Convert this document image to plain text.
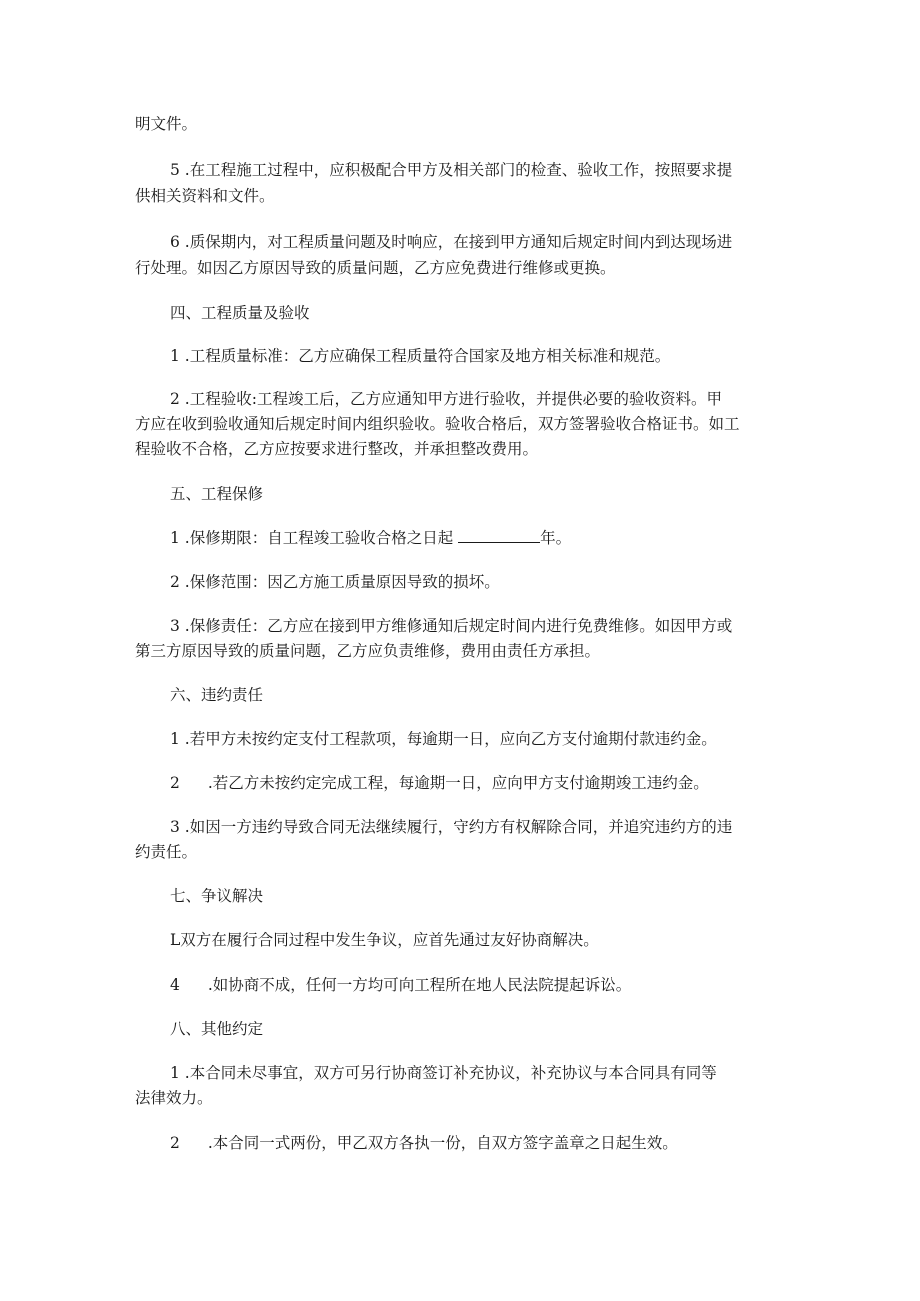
明文件。
5 .在工程施工过程中，应积极配合甲方及相关部门的检查、验收工作，按照要求提
供相关资料和文件。
6 .质保期内，对工程质量问题及时响应，在接到甲方通知后规定时间内到达现场进
行处理。如因乙方原因导致的质量问题，乙方应免费进行维修或更换。
四、工程质量及验收
1 .工程质量标准：乙方应确保工程质量符合国家及地方相关标准和规范。
2 .工程验收:工程竣工后，乙方应通知甲方进行验收，并提供必要的验收资料。甲
方应在收到验收通知后规定时间内组织验收。验收合格后，双方签署验收合格证书。如工
程验收不合格，乙方应按要求进行整改，并承担整改费用。
五、工程保修
1 .保修期限：自工程竣工验收合格之日起	年。
2 .保修范围：因乙方施工质量原因导致的损坏。
3 .保修责任：乙方应在接到甲方维修通知后规定时间内进行免费维修。如因甲方或
第三方原因导致的质量问题，乙方应负责维修，费用由责任方承担。
六、违约责任
1 .若甲方未按约定支付工程款项，每逾期一日，应向乙方支付逾期付款违约金。
2 .若乙方未按约定完成工程，每逾期一日，应向甲方支付逾期竣工违约金。
3 .如因一方违约导致合同无法继续履行，守约方有权解除合同，并追究违约方的违
约责任。
七、争议解决
L双方在履行合同过程中发生争议，应首先通过友好协商解决。
4 .如协商不成，任何一方均可向工程所在地人民法院提起诉讼。
八、其他约定
1 .本合同未尽事宜，双方可另行协商签订补充协议，补充协议与本合同具有同等
法律效力。
2 .本合同一式两份，甲乙双方各执一份，自双方签字盖章之日起生效。
